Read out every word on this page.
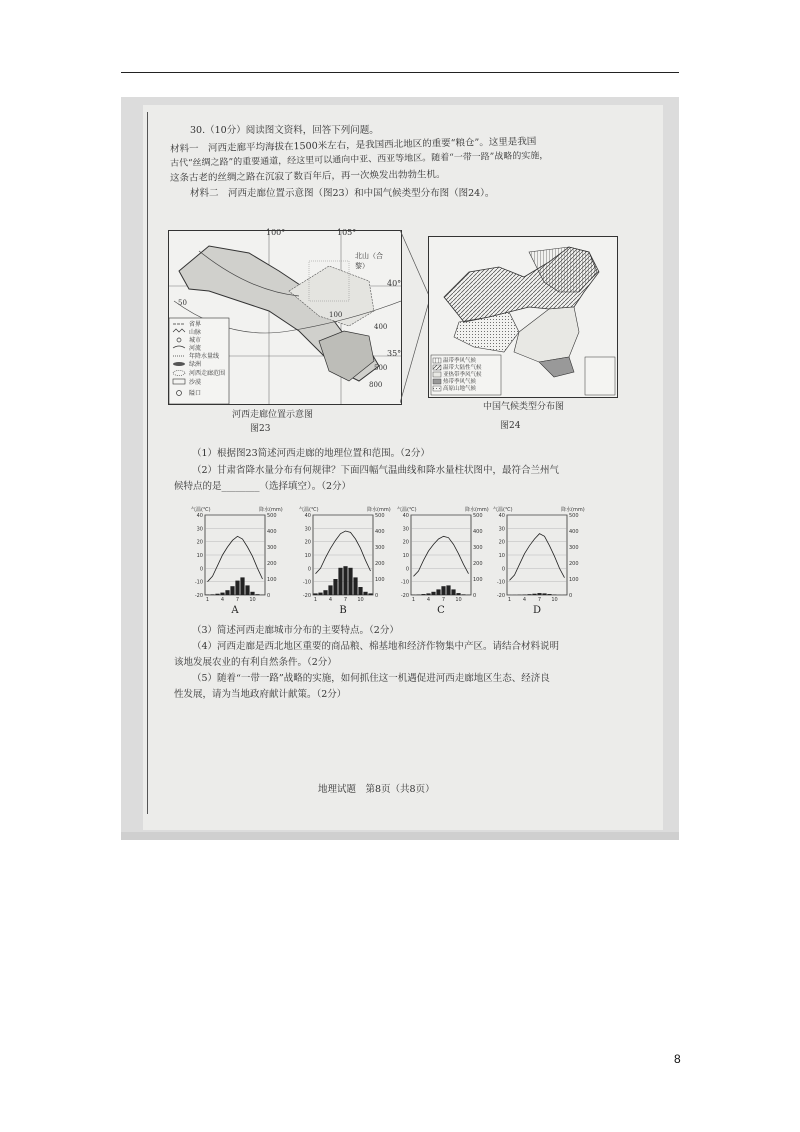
30.（10分）阅读图文资料，回答下列问题。
材料一　河西走廊平均海拔在1500米左右，是我国西北地区的重要“粮仓”。这里是我国
古代“丝绸之路”的重要通道，经这里可以通向中亚、西亚等地区。随着“一带一路”战略的实施，
这条古老的丝绸之路在沉寂了数百年后，再一次焕发出勃勃生机。
材料二　河西走廊位置示意图（图23）和中国气候类型分布图（图24）。
100°	105°
40°
35°
北山（合黎）
50
100
400
500
800
省界
山脉
城市
河流
年降水量线
绿洲
河西走廊范围
沙漠
隘口
河西走廊位置示意图
图23
温带季风气候
温带大陆性气候
亚热带季风气候
热带季风气候
高原山地气候
中国气候类型分布图
图24
（1）根据图23简述河西走廊的地理位置和范围。（2分）
（2）甘肃省降水量分布有何规律？下面四幅气温曲线和降水量柱状图中，最符合兰州气
候特点的是________（选择填空）。（2分）
-20
-10
0
10
20
30
40
0
100
200
300
400
500
1 4 7 10
气温(℃)	降水(mm)
A
-20
-10
0
10
20
30
40
0
100
200
300
400
500
1 4 7 10
气温(℃)	降水(mm)
B
-20
-10
0
10
20
30
40
0
100
200
300
400
500
1 4 7 10
气温(℃)	降水(mm)
C
-20
-10
0
10
20
30
40
0
100
200
300
400
500
1 4 7 10
气温(℃)	降水(mm)
D
（3）简述河西走廊城市分布的主要特点。（2分）
（4）河西走廊是西北地区重要的商品粮、棉基地和经济作物集中产区。请结合材料说明
该地发展农业的有利自然条件。（2分）
（5）随着“一带一路”战略的实施，如何抓住这一机遇促进河西走廊地区生态、经济良
性发展，请为当地政府献计献策。（2分）
地理试题　第8页（共8页）
8
